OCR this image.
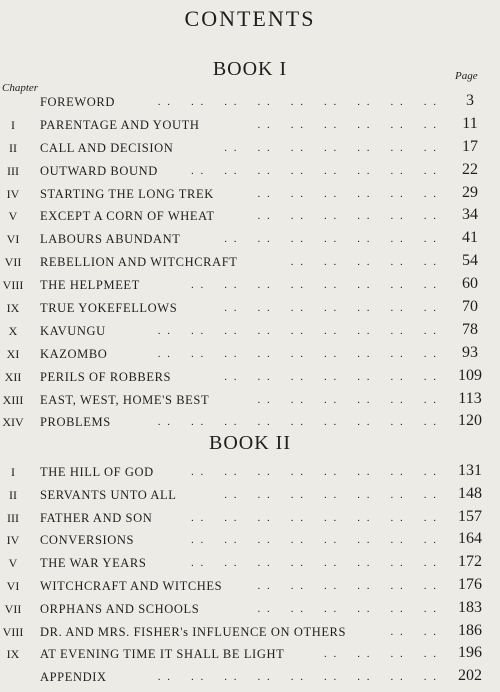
CONTENTS
BOOK I
Chapter
Page
FOREWORD	. .    . .    . .    . .    . .    . .    . .    . .    . .	3
I	PARENTAGE AND YOUTH	. .    . .    . .    . .    . .    . .	11
II	CALL AND DECISION	. .    . .    . .    . .    . .    . .    . .	17
III	OUTWARD BOUND	. .    . .    . .    . .    . .    . .    . .    . .	22
IV	STARTING THE LONG TREK	. .    . .    . .    . .    . .    . .	29
V	EXCEPT A CORN OF WHEAT	. .    . .    . .    . .    . .    . .	34
VI	LABOURS ABUNDANT	. .    . .    . .    . .    . .    . .    . .	41
VII	REBELLION AND WITCHCRAFT	. .    . .    . .    . .    . .	54
VIII THE HELPMEET	. .    . .    . .    . .    . .    . .    . .    . .	60
IX	TRUE YOKEFELLOWS	. .    . .    . .    . .    . .    . .    . .	70
X	KAVUNGU	. .    . .    . .    . .    . .    . .    . .    . .    . .	78
XI	KAZOMBO	. .    . .    . .    . .    . .    . .    . .    . .    . .	93
XII	PERILS OF ROBBERS	. .    . .    . .    . .    . .    . .    . .	109
XIII EAST, WEST, HOME'S BEST	. .    . .    . .    . .    . .    . .	113
XIV PROBLEMS	. .    . .    . .    . .    . .    . .    . .    . .    . .	120
BOOK II
I	THE HILL OF GOD	. .    . .    . .    . .    . .    . .    . .    . .	131
II	SERVANTS UNTO ALL	. .    . .    . .    . .    . .    . .    . .	148
III	FATHER AND SON	. .    . .    . .    . .    . .    . .    . .    . .	157
IV	CONVERSIONS	. .    . .    . .    . .    . .    . .    . .    . .	164
V	THE WAR YEARS	. .    . .    . .    . .    . .    . .    . .    . .	172
VI	WITCHCRAFT AND WITCHES	. .    . .    . .    . .    . .    . .	176
VII	ORPHANS AND SCHOOLS	. .    . .    . .    . .    . .    . .	183
VIII DR. AND MRS. FISHER's INFLUENCE ON OTHERS	. .    . .	186
IX	AT EVENING TIME IT SHALL BE LIGHT	. .    . .    . .    . .	196
APPENDIX	. .    . .    . .    . .    . .    . .    . .    . .    . .	202
